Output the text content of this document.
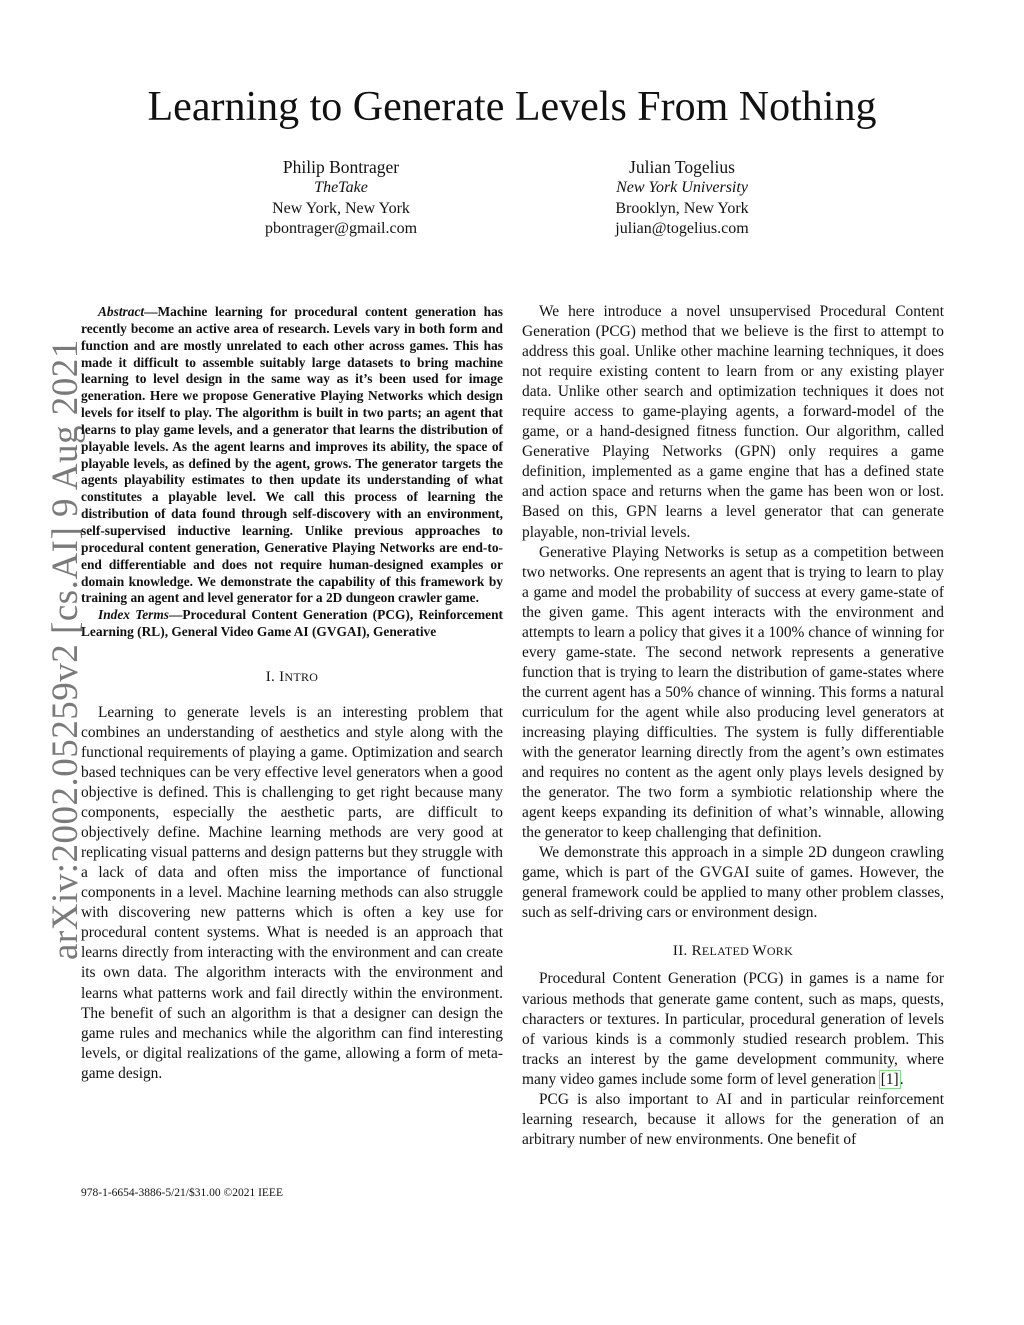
arXiv:2002.05259v2 [cs.AI] 9 Aug 2021
Learning to Generate Levels From Nothing
Philip Bontrager
TheTake
New York, New York
pbontrager@gmail.com
Julian Togelius
New York University
Brooklyn, New York
julian@togelius.com

Abstract—Machine learning for procedural content generation has recently become an active area of research. Levels vary in both form and function and are mostly unrelated to each other across games. This has made it difficult to assemble suitably large datasets to bring machine learning to level design in the same way as it’s been used for image generation. Here we propose Generative Playing Networks which design levels for itself to play. The algorithm is built in two parts; an agent that learns to play game levels, and a generator that learns the distribution of playable levels. As the agent learns and improves its ability, the space of playable levels, as defined by the agent, grows. The generator targets the agents playability estimates to then update its understanding of what constitutes a playable level. We call this process of learning the distribution of data found through self-discovery with an environment, self-supervised inductive learning. Unlike previous approaches to procedural content generation, Generative Playing Networks are end-to-end differentiable and does not require human-designed examples or domain knowledge. We demonstrate the capability of this framework by training an agent and level generator for a 2D dungeon crawler game.

Index Terms—Procedural Content Generation (PCG), Reinforcement Learning (RL), General Video Game AI (GVGAI), Generative

I. INTRO

Learning to generate levels is an interesting problem that combines an understanding of aesthetics and style along with the functional requirements of playing a game. Optimization and search based techniques can be very effective level generators when a good objective is defined. This is challenging to get right because many components, especially the aesthetic parts, are difficult to objectively define. Machine learning methods are very good at replicating visual patterns and design patterns but they struggle with a lack of data and often miss the importance of functional components in a level. Machine learning methods can also struggle with discovering new patterns which is often a key use for procedural content systems. What is needed is an approach that learns directly from interacting with the environment and can create its own data. The algorithm interacts with the environment and learns what patterns work and fail directly within the environment. The benefit of such an algorithm is that a designer can design the game rules and mechanics while the algorithm can find interesting levels, or digital realizations of the game, allowing a form of meta-game design.

We here introduce a novel unsupervised Procedural Content Generation (PCG) method that we believe is the first to attempt to address this goal. Unlike other machine learning techniques, it does not require existing content to learn from or any existing player data. Unlike other search and optimization techniques it does not require access to game-playing agents, a forward-model of the game, or a hand-designed fitness function. Our algorithm, called Generative Playing Networks (GPN) only requires a game definition, implemented as a game engine that has a defined state and action space and returns when the game has been won or lost. Based on this, GPN learns a level generator that can generate playable, non-trivial levels.

Generative Playing Networks is setup as a competition between two networks. One represents an agent that is trying to learn to play a game and model the probability of success at every game-state of the given game. This agent interacts with the environment and attempts to learn a policy that gives it a 100% chance of winning for every game-state. The second network represents a generative function that is trying to learn the distribution of game-states where the current agent has a 50% chance of winning. This forms a natural curriculum for the agent while also producing level generators at increasing playing difficulties. The system is fully differentiable with the generator learning directly from the agent’s own estimates and requires no content as the agent only plays levels designed by the generator. The two form a symbiotic relationship where the agent keeps expanding its definition of what’s winnable, allowing the generator to keep challenging that definition.

We demonstrate this approach in a simple 2D dungeon crawling game, which is part of the GVGAI suite of games. However, the general framework could be applied to many other problem classes, such as self-driving cars or environment design.

II. RELATED WORK

Procedural Content Generation (PCG) in games is a name for various methods that generate game content, such as maps, quests, characters or textures. In particular, procedural generation of levels of various kinds is a commonly studied research problem. This tracks an interest by the game development community, where many video games include some form of level generation [1].

PCG is also important to AI and in particular reinforcement learning research, because it allows for the generation of an arbitrary number of new environments. One benefit of

978-1-6654-3886-5/21/$31.00 ©2021 IEEE
